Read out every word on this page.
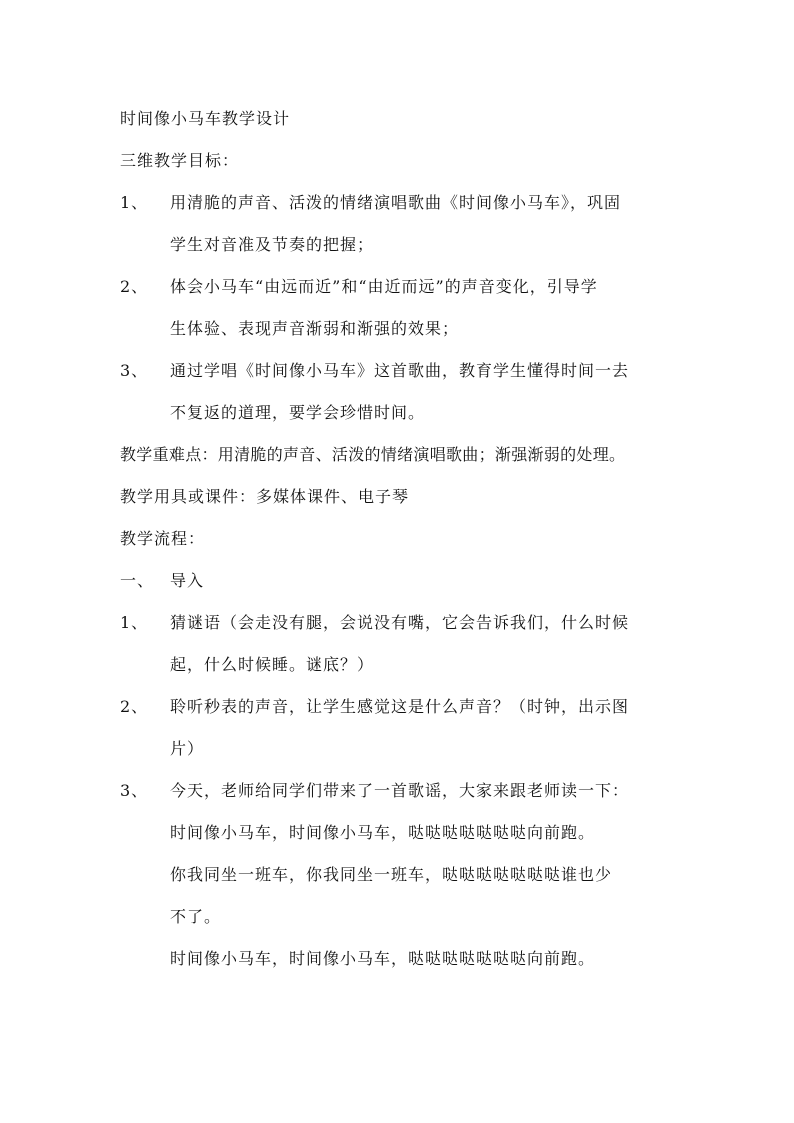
时间像小马车教学设计
三维教学目标：
1、 用清脆的声音、活泼的情绪演唱歌曲《时间像小马车》，巩固
学生对音准及节奏的把握；
2、 体会小马车“由远而近”和“由近而远”的声音变化，引导学
生体验、表现声音渐弱和渐强的效果；
3、 通过学唱《时间像小马车》这首歌曲，教育学生懂得时间一去
不复返的道理，要学会珍惜时间。
教学重难点：用清脆的声音、活泼的情绪演唱歌曲；渐强渐弱的处理。
教学用具或课件：多媒体课件、电子琴
教学流程：
一、 导入
1、 猜谜语（会走没有腿，会说没有嘴，它会告诉我们，什么时候
起，什么时候睡。谜底？）
2、 聆听秒表的声音，让学生感觉这是什么声音？（时钟，出示图
片）
3、 今天，老师给同学们带来了一首歌谣，大家来跟老师读一下：
时间像小马车，时间像小马车，哒哒哒哒哒哒哒向前跑。
你我同坐一班车，你我同坐一班车，哒哒哒哒哒哒哒谁也少
不了。
时间像小马车，时间像小马车，哒哒哒哒哒哒哒向前跑。
